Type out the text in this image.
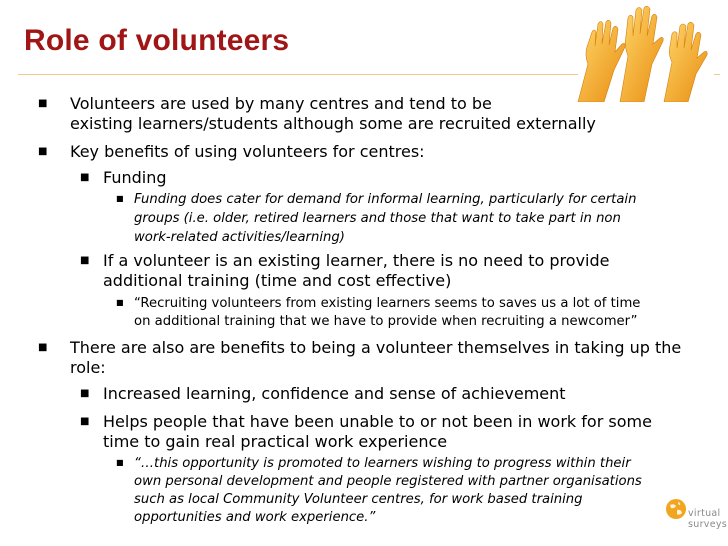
Role of volunteers
■ Volunteers are used by many centres and tend to be
existing learners/students although some are recruited externally
■ Key benefits of using volunteers for centres:
■ Funding
■ Funding does cater for demand for informal learning, particularly for certain
groups (i.e. older, retired learners and those that want to take part in non
work-related activities/learning)
■ If a volunteer is an existing learner, there is no need to provide
additional training (time and cost effective)
■ “Recruiting volunteers from existing learners seems to saves us a lot of time
on additional training that we have to provide when recruiting a newcomer”
■ There are also are benefits to being a volunteer themselves in taking up the
role:
■ Increased learning, confidence and sense of achievement
■ Helps people that have been unable to or not been in work for some
time to gain real practical work experience
■ “…this opportunity is promoted to learners wishing to progress within their
own personal development and people registered with partner organisations
such as local Community Volunteer centres, for work based training
opportunities and work experience.”	virtual
surveys
